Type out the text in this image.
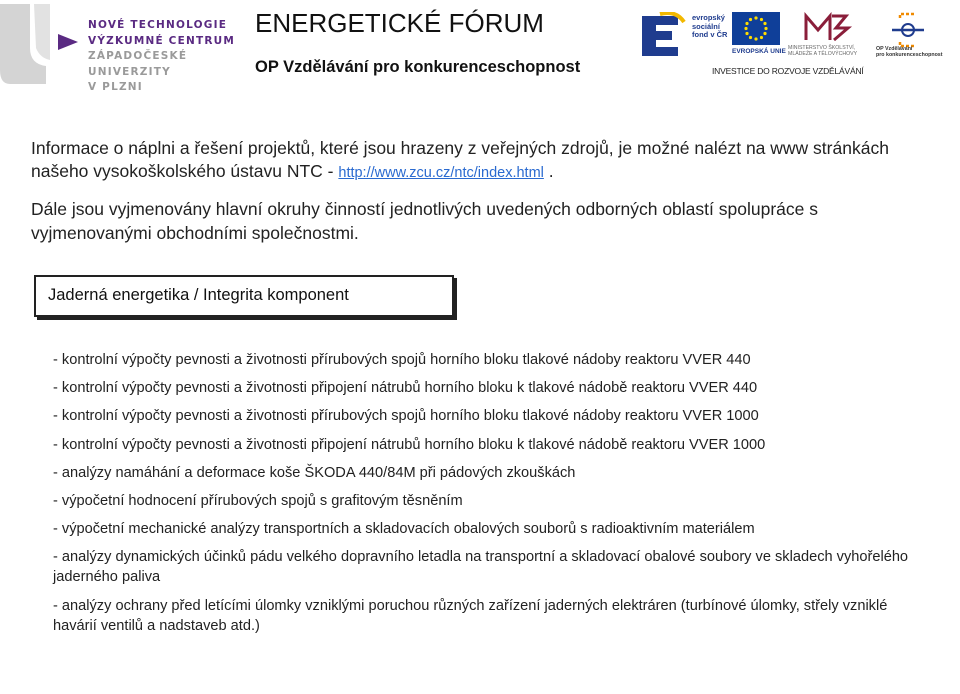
NOVÉ TECHNOLOGIE
VÝZKUMNÉ CENTRUM
ZÁPADOČESKÉ
UNIVERZITY
V PLZNI
ENERGETICKÉ FÓRUM
OP Vzdělávání pro konkurenceschopnost
evropský
sociální
fond v ČR
EVROPSKÁ UNIE MINISTERSTVO ŠKOLSTVÍ,
MLÁDEŽE A TĚLOVÝCHOVY
OP Vzdělávání
pro konkurenceschopnost
INVESTICE DO ROZVOJE VZDĚLÁVÁNÍ

Informace o náplni a řešení projektů, které jsou hrazeny z veřejných zdrojů, je možné nalézt na www stránkách našeho vysokoškolského ústavu NTC - http://www.zcu.cz/ntc/index.html .

Dále jsou vyjmenovány hlavní okruhy činností jednotlivých uvedených odborných oblastí spolupráce s vyjmenovanými obchodními společnostmi.

Jaderná energetika / Integrita komponent
- kontrolní výpočty pevnosti a životnosti přírubových spojů horního bloku tlakové nádoby reaktoru VVER 440
- kontrolní výpočty pevnosti a životnosti připojení nátrubů horního bloku k tlakové nádobě reaktoru VVER 440
- kontrolní výpočty pevnosti a životnosti přírubových spojů horního bloku tlakové nádoby reaktoru VVER 1000
- kontrolní výpočty pevnosti a životnosti připojení nátrubů horního bloku k tlakové nádobě reaktoru VVER 1000
- analýzy namáhání a deformace koše ŠKODA 440/84M při pádových zkouškách
- výpočetní hodnocení přírubových spojů s grafitovým těsněním
- výpočetní mechanické analýzy transportních a skladovacích obalových souborů s radioaktivním materiálem
- analýzy dynamických účinků pádu velkého dopravního letadla na transportní a skladovací obalové soubory ve skladech vyhořelého jaderného paliva
- analýzy ochrany před letícími úlomky vzniklými poruchou různých zařízení jaderných elektráren (turbínové úlomky, střely vzniklé havárií ventilů a nadstaveb atd.)
